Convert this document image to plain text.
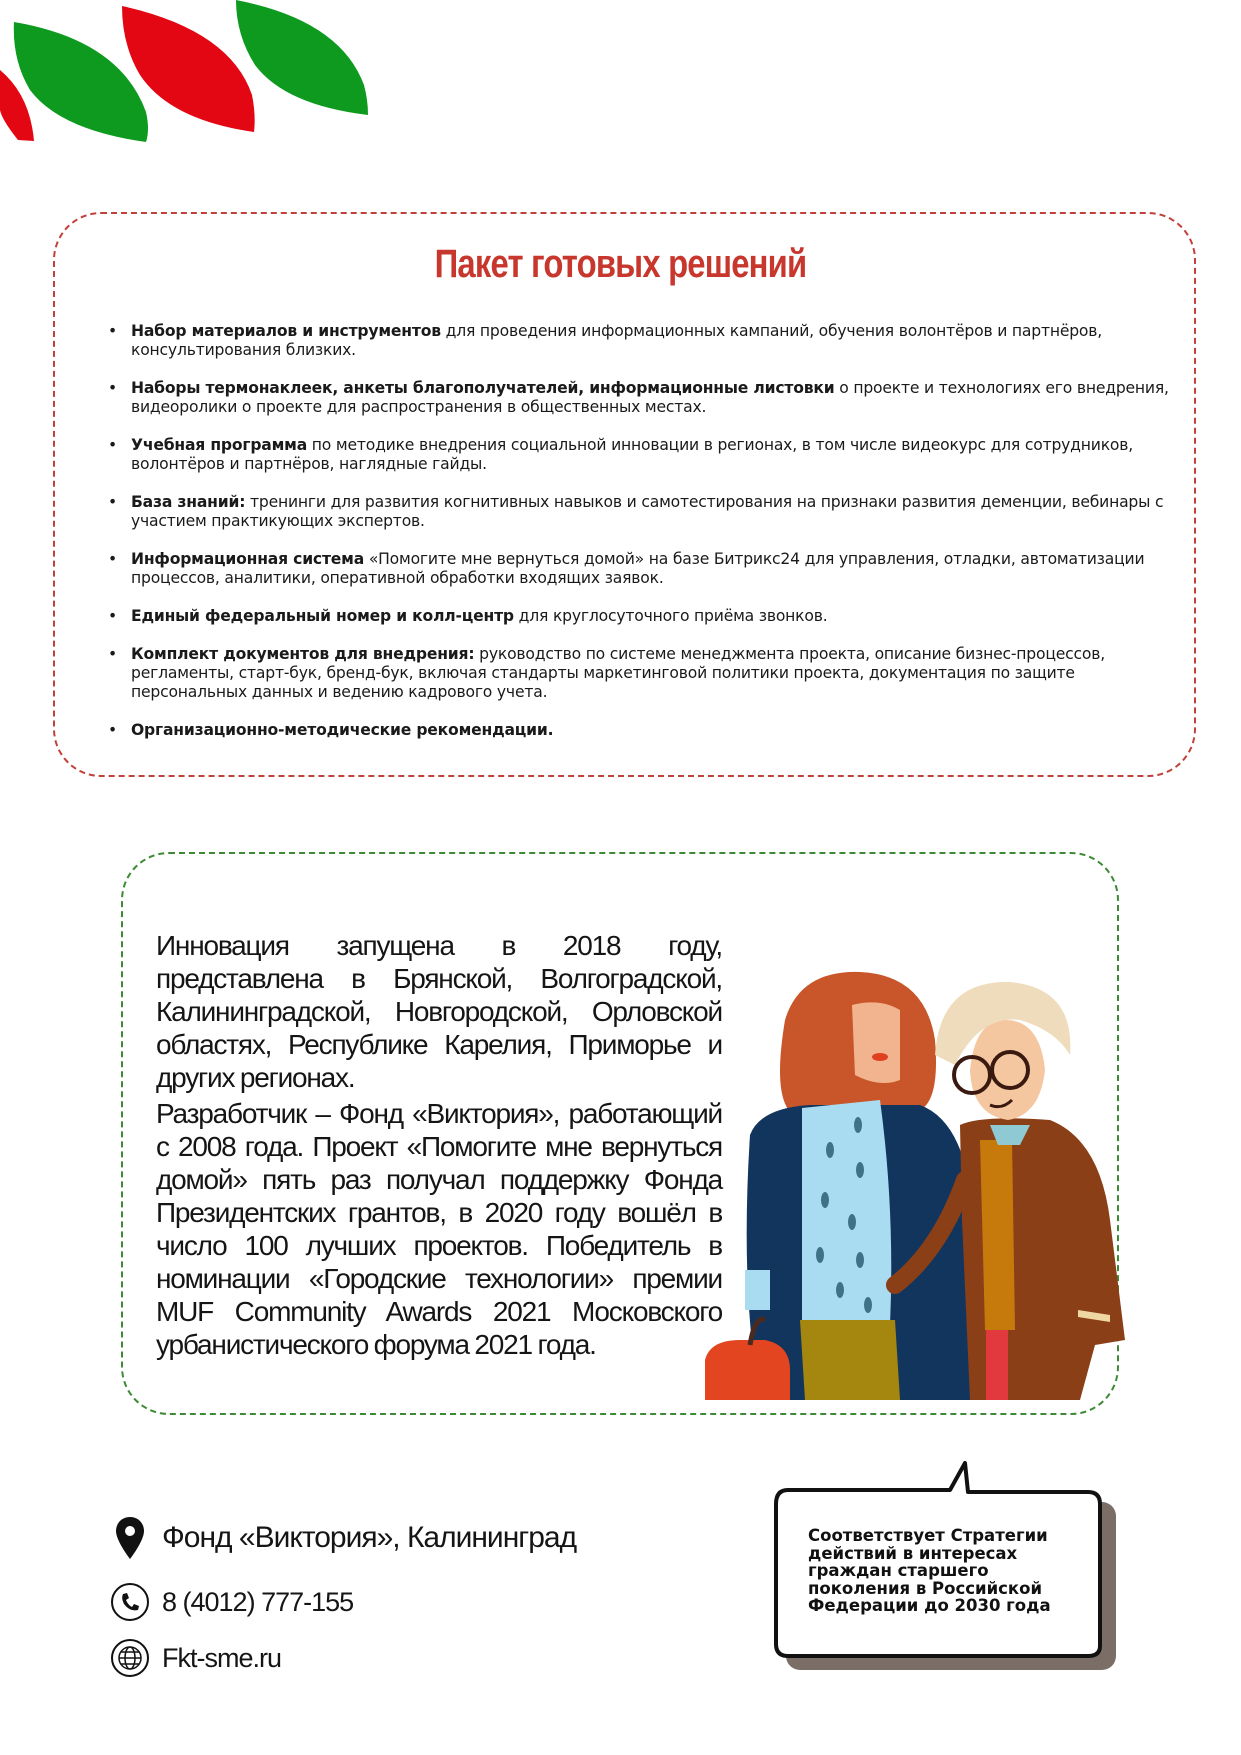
Пакет готовых решений
• Набор материалов и инструментов для проведения информационных кампаний, обучения волонтёров и партнёров, консультирования близких.
• Наборы термонаклеек, анкеты благополучателей, информационные листовки о проекте и технологиях его внедрения, видеоролики о проекте для распространения в общественных местах.
• Учебная программа по методике внедрения социальной инновации в регионах, в том числе видеокурс для сотрудников, волонтёров и партнёров, наглядные гайды.
• База знаний: тренинги для развития когнитивных навыков и самотестирования на признаки развития деменции, вебинары с участием практикующих экспертов.
• Информационная система «Помогите мне вернуться домой» на базе Битрикс24 для управления, отладки, автоматизации процессов, аналитики, оперативной обработки входящих заявок.
• Единый федеральный номер и колл-центр для круглосуточного приёма звонков.
• Комплект документов для внедрения: руководство по системе менеджмента проекта, описание бизнес-процессов, регламенты, старт-бук, бренд-бук, включая стандарты маркетинговой политики проекта, документация по защите персональных данных и ведению кадрового учета.
• Организационно-методические рекомендации.
Инновация запущена в 2018 году, представлена в Брянской, Волгоградской, Калининградской, Новгородской, Орловской областях, Республике Карелия, Приморье и других регионах.
Разработчик – Фонд «Виктория», работающий с 2008 года. Проект «Помогите мне вернуться домой» пять раз получал поддержку Фонда Президентских грантов, в 2020 году вошёл в число 100 лучших проектов. Победитель в номинации «Городские технологии» премии MUF Community Awards 2021 Московского урбанистического форума 2021 года.
Фонд «Виктория», Калининград
8 (4012) 777-155
Fkt-sme.ru
Соответствует Стратегии действий в интересах граждан старшего поколения в Российской Федерации до 2030 года
